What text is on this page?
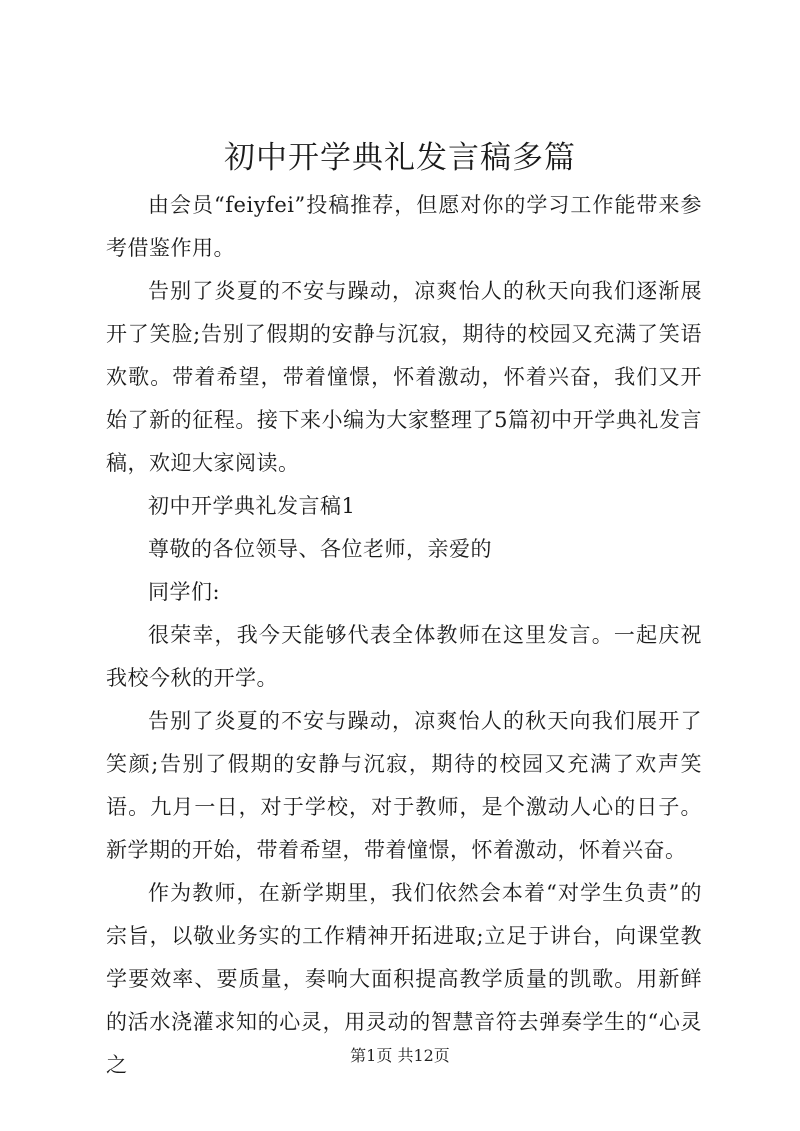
初中开学典礼发言稿多篇

由会员“feiyfei”投稿推荐，但愿对你的学习工作能带来参考借鉴作用。

告别了炎夏的不安与躁动，凉爽怡人的秋天向我们逐渐展开了笑脸;告别了假期的安静与沉寂，期待的校园又充满了笑语欢歌。带着希望，带着憧憬，怀着激动，怀着兴奋，我们又开始了新的征程。接下来小编为大家整理了5篇初中开学典礼发言稿，欢迎大家阅读。

初中开学典礼发言稿1

尊敬的各位领导、各位老师，亲爱的

同学们:

很荣幸，我今天能够代表全体教师在这里发言。一起庆祝我校今秋的开学。

告别了炎夏的不安与躁动，凉爽怡人的秋天向我们展开了笑颜;告别了假期的安静与沉寂，期待的校园又充满了欢声笑语。九月一日，对于学校，对于教师，是个激动人心的日子。新学期的开始，带着希望，带着憧憬，怀着激动，怀着兴奋。

作为教师，在新学期里，我们依然会本着“对学生负责”的宗旨，以敬业务实的工作精神开拓进取;立足于讲台，向课堂教学要效率、要质量，奏响大面积提高教学质量的凯歌。用新鲜的活水浇灌求知的心灵，用灵动的智慧音符去弹奏学生的“心灵之	第1页 共12页
